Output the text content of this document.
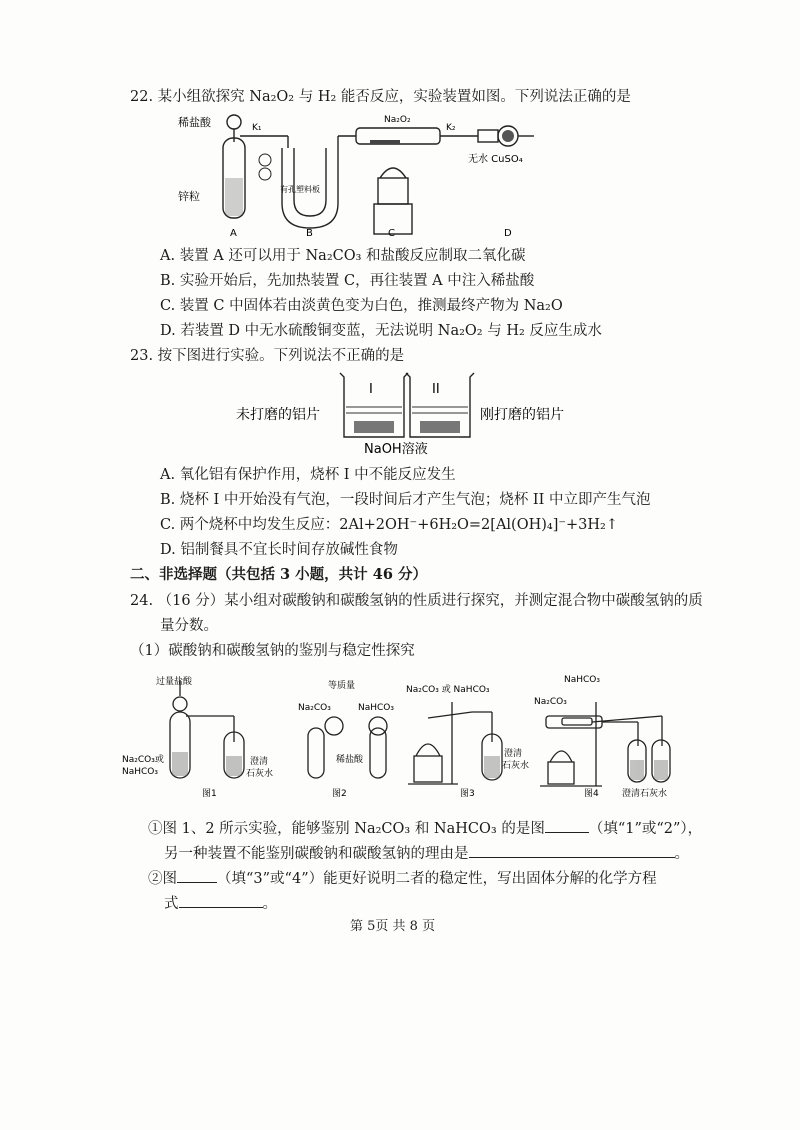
22. 某小组欲探究 Na₂O₂ 与 H₂ 能否反应，实验装置如图。下列说法正确的是
稀盐酸
锌粒
K₁
有孔塑料板
Na₂O₂
K₂
无水 CuSO₄
A	B	C	D
A. 装置 A 还可以用于 Na₂CO₃ 和盐酸反应制取二氧化碳
B. 实验开始后，先加热装置 C，再往装置 A 中注入稀盐酸
C. 装置 C 中固体若由淡黄色变为白色，推测最终产物为 Na₂O
D. 若装置 D 中无水硫酸铜变蓝，无法说明 Na₂O₂ 与 H₂ 反应生成水
23. 按下图进行实验。下列说法不正确的是
I	II
未打磨的铝片	刚打磨的铝片
NaOH溶液
A. 氧化铝有保护作用，烧杯 I 中不能反应发生
B. 烧杯 I 中开始没有气泡，一段时间后才产生气泡；烧杯 II 中立即产生气泡
C. 两个烧杯中均发生反应：2Al+2OH⁻+6H₂O=2[Al(OH)₄]⁻+3H₂↑
D. 铝制餐具不宜长时间存放碱性食物
二、非选择题（共包括 3 小题，共计 46 分）
24. （16 分）某小组对碳酸钠和碳酸氢钠的性质进行探究，并测定混合物中碳酸氢钠的质
量分数。
（1）碳酸钠和碳酸氢钠的鉴别与稳定性探究
过量盐酸
Na₂CO₃或
NaHCO₃
澄清
石灰水
图1
等质量
Na₂CO₃	NaHCO₃
稀盐酸
图2
Na₂CO₃ 或 NaHCO₃
澄清
石灰水
图3
NaHCO₃
Na₂CO₃
澄清石灰水
图4
①图 1、2 所示实验，能够鉴别 Na₂CO₃ 和 NaHCO₃ 的是图	（填“1”或“2”），
另一种装置不能鉴别碳酸钠和碳酸氢钠的理由是	。
②图	（填“3”或“4”）能更好说明二者的稳定性，写出固体分解的化学方程
式	。
第 5页 共 8 页
